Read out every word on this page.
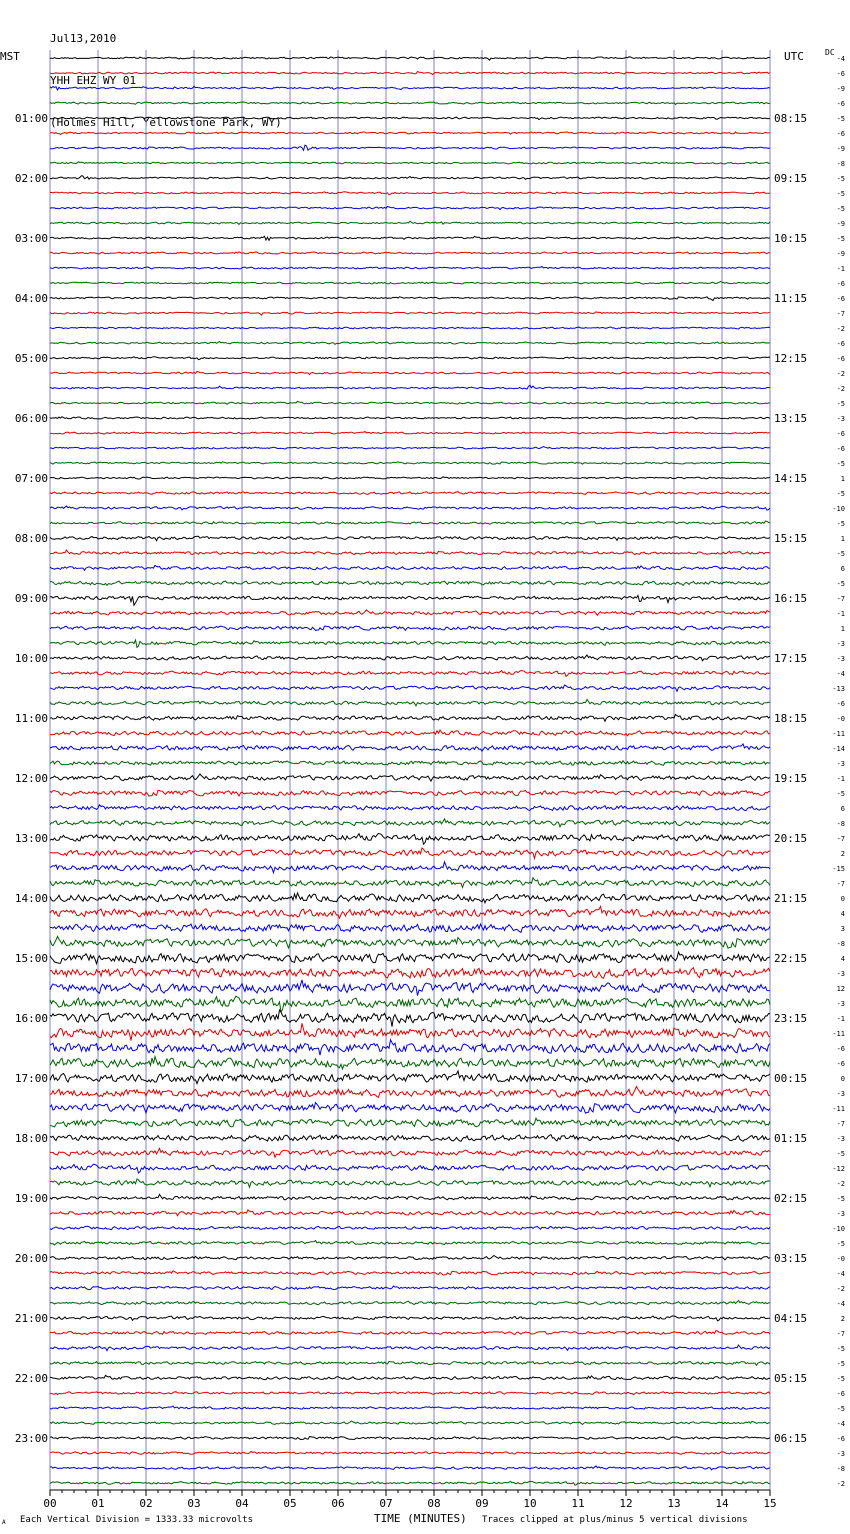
Jul13,2010

YHH EHZ WY 01

(Holmes Hill, Yellowstone Park, WY)

MST	UTC	DC
-4
-6
-9
-6
-5
-6
-9
-8
-5
-5
-5
-9
-5
-9
-1
-6
-6
-7
-2
-6
-6
-2
-2
-5
-3
-6
-6
-5
1
-5
-10
-5
1
-5
6
-5
-7
-1
1
-3
-3
-4
-13
-6
-0
-11
-14
-3
-1
-5
6
-8
-7
2
-15
-7
0
4
3
-8
4
-3
12
-3
-1
-11
-6
-6
0
-3
-11
-7
-3
-5
-12
-2
-5
-3
-10
-5
-0
-4
-2
-4
2
-7
-5
-5
-5
-6
-5
-4
-6
-3
-8
-2
01:00
02:00
03:00
04:00
05:00
06:00
07:00
08:00
09:00
10:00
11:00
12:00
13:00
14:00
15:00
16:00
17:00
18:00
19:00
20:00
21:00
22:00
23:00
08:15
09:15
10:15
11:15
12:15
13:15
14:15
15:15
16:15
17:15
18:15
19:15
20:15
21:15
22:15
23:15
00:15
01:15
02:15
03:15
04:15
05:15
06:15
00	01	02	03	04	05	06	07	08	09	10	11	12	13	14	15
Each Vertical Division = 1333.33 microvolts	TIME (MINUTES) Traces clipped at plus/minus 5 vertical divisions
A
